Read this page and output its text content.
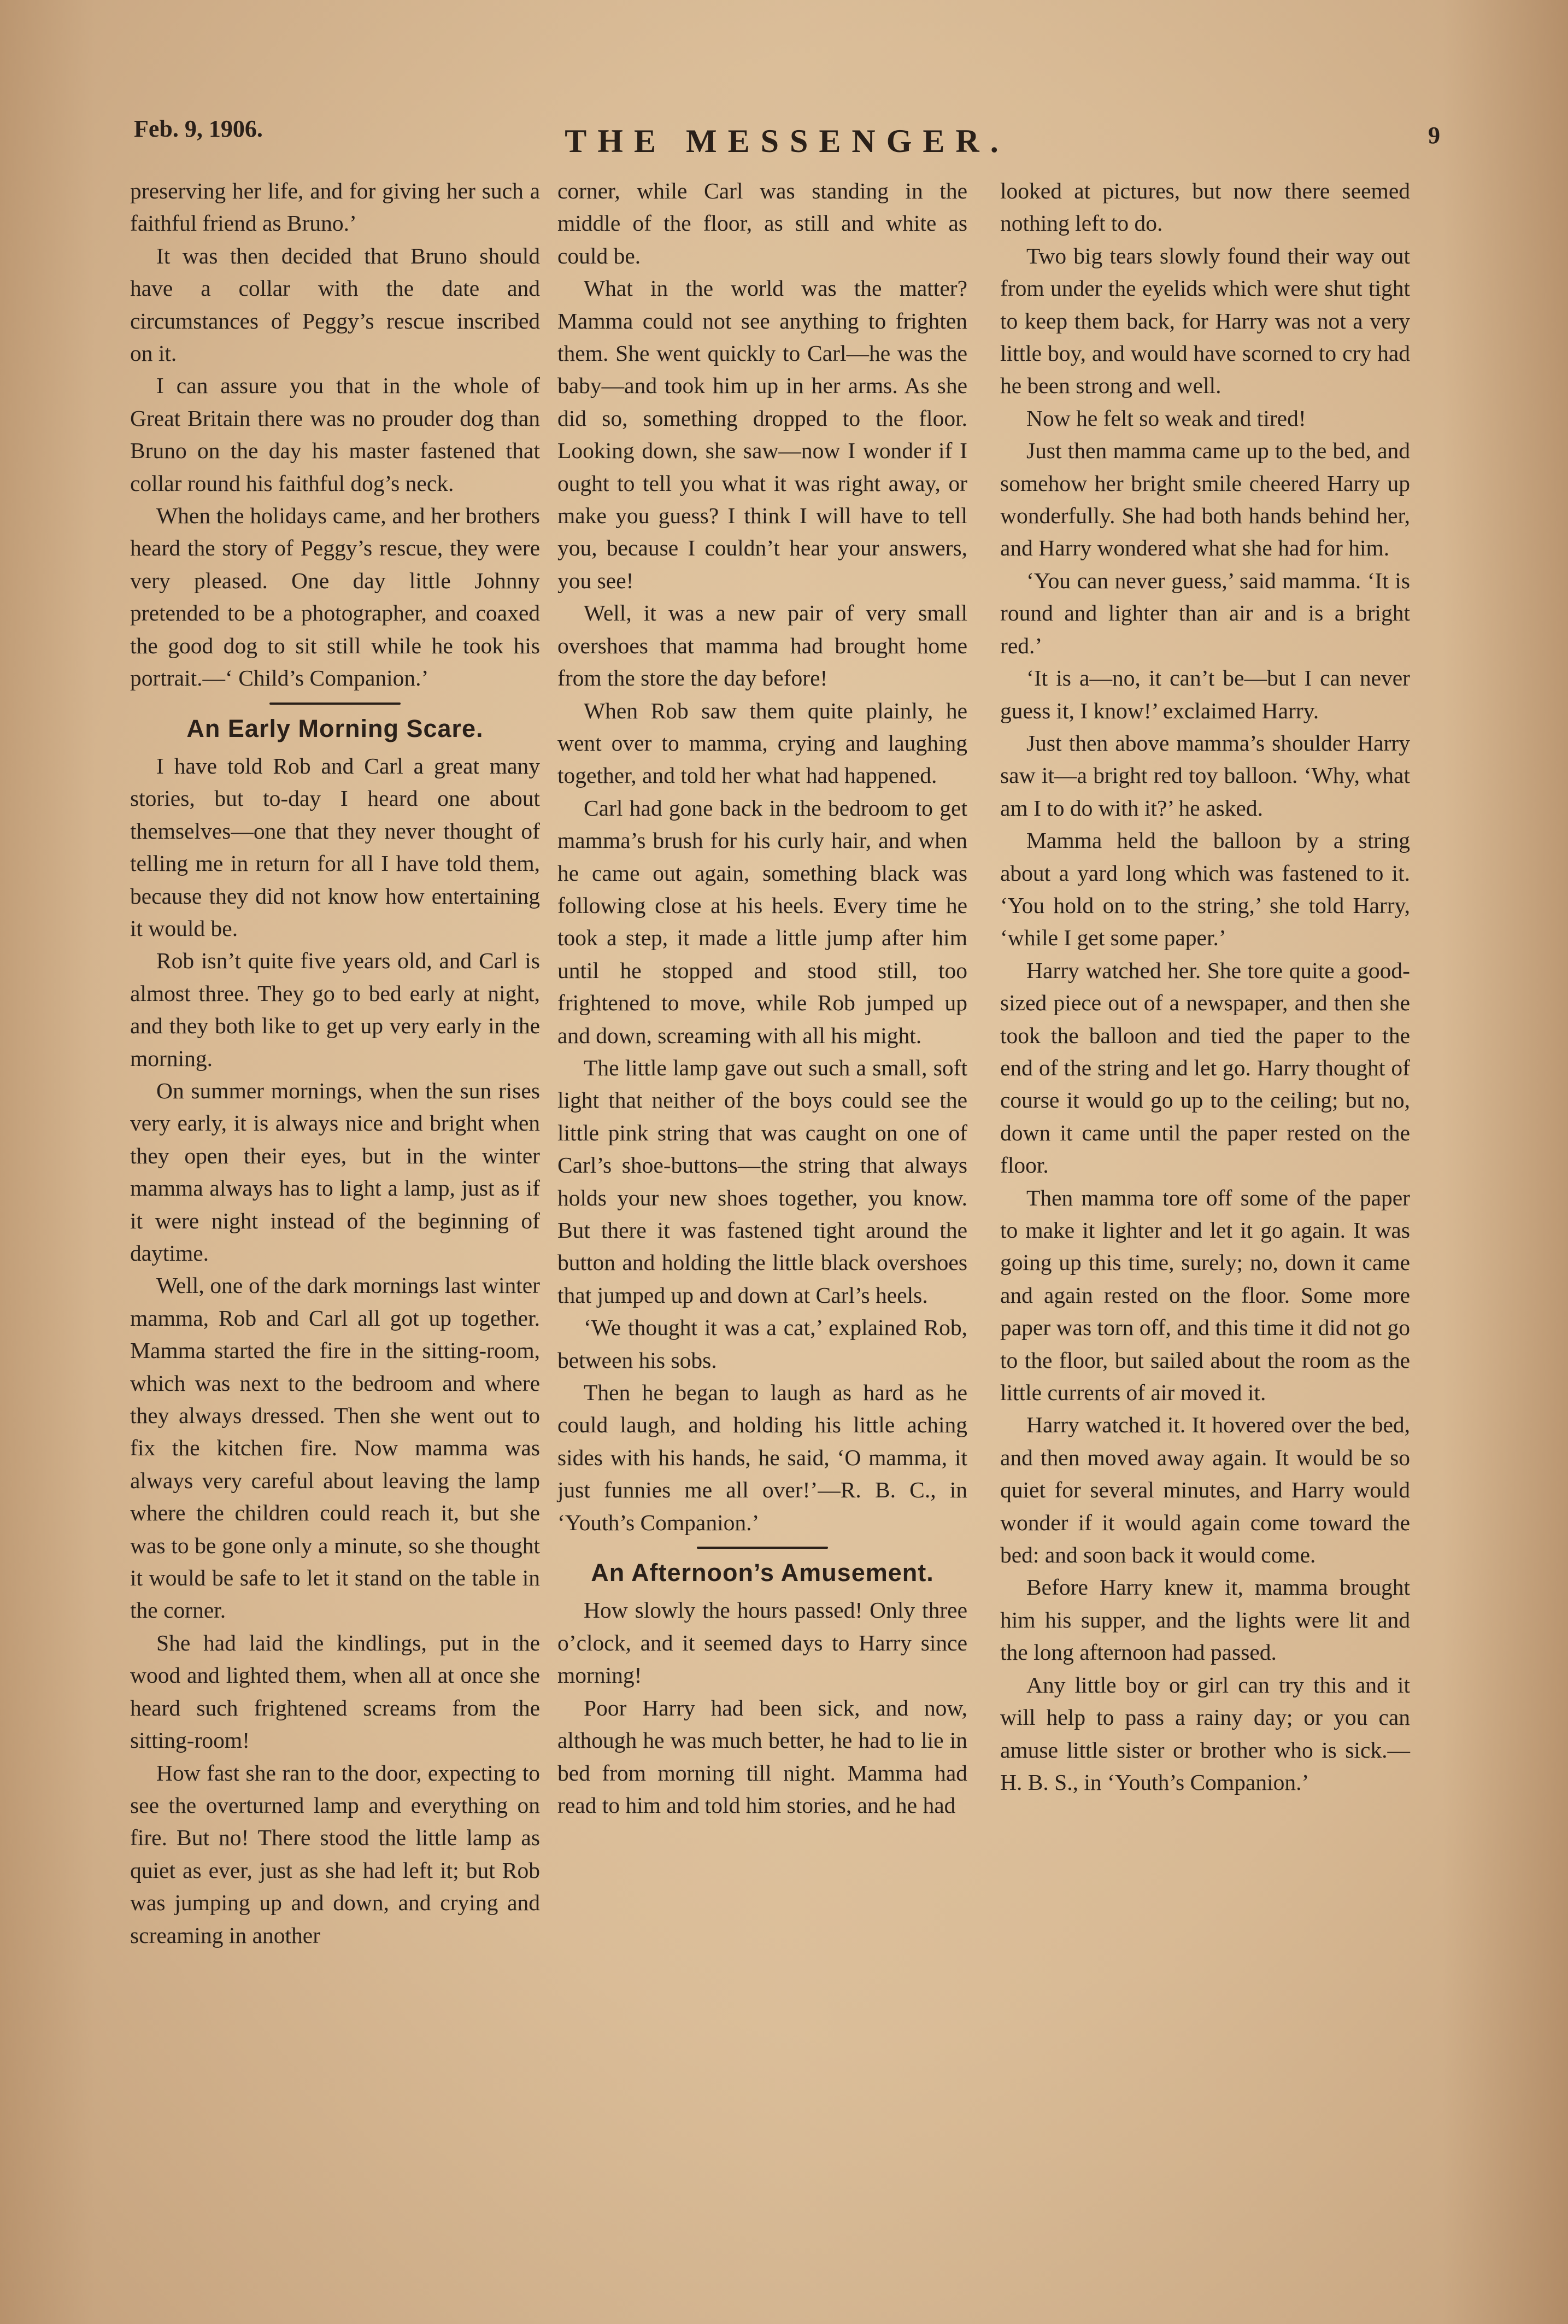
Feb. 9, 1906.	THE MESSENGER.	9

preserving her life, and for giving her such a faithful friend as Bruno.’

It was then decided that Bruno should have a collar with the date and circumstances of Peggy’s rescue inscribed on it.

I can assure you that in the whole of Great Britain there was no prouder dog than Bruno on the day his master fastened that collar round his faithful dog’s neck.

When the holidays came, and her brothers heard the story of Peggy’s rescue, they were very pleased. One day little Johnny pretended to be a photographer, and coaxed the good dog to sit still while he took his portrait.—‘ Child’s Companion.’

An Early Morning Scare.

I have told Rob and Carl a great many stories, but to-day I heard one about themselves—one that they never thought of telling me in return for all I have told them, because they did not know how entertaining it would be.

Rob isn’t quite five years old, and Carl is almost three. They go to bed early at night, and they both like to get up very early in the morning.

On summer mornings, when the sun rises very early, it is always nice and bright when they open their eyes, but in the winter mamma always has to light a lamp, just as if it were night instead of the beginning of daytime.

Well, one of the dark mornings last winter mamma, Rob and Carl all got up together. Mamma started the fire in the sitting-room, which was next to the bedroom and where they always dressed. Then she went out to fix the kitchen fire. Now mamma was always very careful about leaving the lamp where the children could reach it, but she was to be gone only a minute, so she thought it would be safe to let it stand on the table in the corner.

She had laid the kindlings, put in the wood and lighted them, when all at once she heard such frightened screams from the sitting-room!

How fast she ran to the door, expecting to see the overturned lamp and everything on fire. But no! There stood the little lamp as quiet as ever, just as she had left it; but Rob was jumping up and down, and crying and screaming in another

corner, while Carl was standing in the middle of the floor, as still and white as could be.

What in the world was the matter? Mamma could not see anything to frighten them. She went quickly to Carl—he was the baby—and took him up in her arms. As she did so, something dropped to the floor. Looking down, she saw—now I wonder if I ought to tell you what it was right away, or make you guess? I think I will have to tell you, because I couldn’t hear your answers, you see!

Well, it was a new pair of very small overshoes that mamma had brought home from the store the day before!

When Rob saw them quite plainly, he went over to mamma, crying and laughing together, and told her what had happened.

Carl had gone back in the bedroom to get mamma’s brush for his curly hair, and when he came out again, something black was following close at his heels. Every time he took a step, it made a little jump after him until he stopped and stood still, too frightened to move, while Rob jumped up and down, screaming with all his might.

The little lamp gave out such a small, soft light that neither of the boys could see the little pink string that was caught on one of Carl’s shoe-buttons—the string that always holds your new shoes together, you know. But there it was fastened tight around the button and holding the little black overshoes that jumped up and down at Carl’s heels.

‘We thought it was a cat,’ explained Rob, between his sobs.

Then he began to laugh as hard as he could laugh, and holding his little aching sides with his hands, he said, ‘O mamma, it just funnies me all over!’—R. B. C., in ‘Youth’s Companion.’

An Afternoon’s Amusement.

How slowly the hours passed! Only three o’clock, and it seemed days to Harry since morning!

Poor Harry had been sick, and now, although he was much better, he had to lie in bed from morning till night. Mamma had read to him and told him stories, and he had

looked at pictures, but now there seemed nothing left to do.

Two big tears slowly found their way out from under the eyelids which were shut tight to keep them back, for Harry was not a very little boy, and would have scorned to cry had he been strong and well.

Now he felt so weak and tired!

Just then mamma came up to the bed, and somehow her bright smile cheered Harry up wonderfully. She had both hands behind her, and Harry wondered what she had for him.

‘You can never guess,’ said mamma. ‘It is round and lighter than air and is a bright red.’

‘It is a—no, it can’t be—but I can never guess it, I know!’ exclaimed Harry.

Just then above mamma’s shoulder Harry saw it—a bright red toy balloon. ‘Why, what am I to do with it?’ he asked.

Mamma held the balloon by a string about a yard long which was fastened to it. ‘You hold on to the string,’ she told Harry, ‘while I get some paper.’

Harry watched her. She tore quite a good-sized piece out of a newspaper, and then she took the balloon and tied the paper to the end of the string and let go. Harry thought of course it would go up to the ceiling; but no, down it came until the paper rested on the floor.

Then mamma tore off some of the paper to make it lighter and let it go again. It was going up this time, surely; no, down it came and again rested on the floor. Some more paper was torn off, and this time it did not go to the floor, but sailed about the room as the little currents of air moved it.

Harry watched it. It hovered over the bed, and then moved away again. It would be so quiet for several minutes, and Harry would wonder if it would again come toward the bed: and soon back it would come.

Before Harry knew it, mamma brought him his supper, and the lights were lit and the long afternoon had passed.

Any little boy or girl can try this and it will help to pass a rainy day; or you can amuse little sister or brother who is sick.—H. B. S., in ‘Youth’s Companion.’
